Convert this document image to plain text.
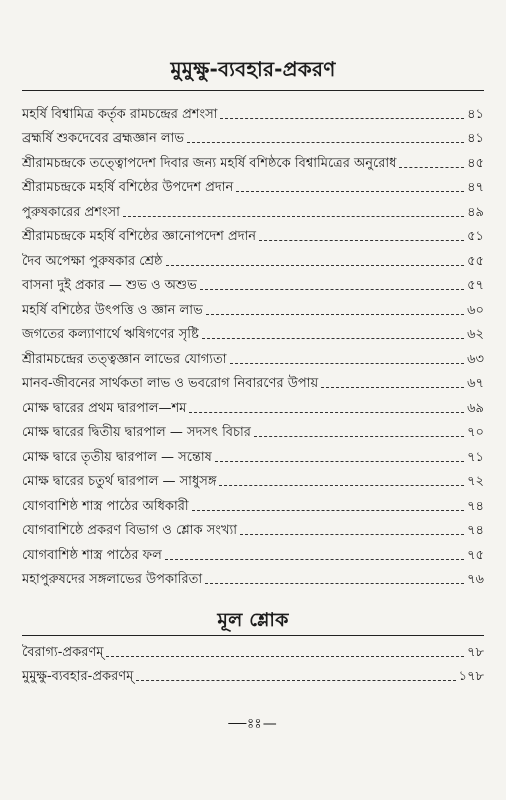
মুমুক্ষু-ব্যবহার-প্রকরণ
মহর্ষি বিশ্বামিত্র কর্তৃক রামচন্দ্রের প্রশংসা	৪১
ব্রহ্মর্ষি শুকদেবের ব্রহ্মজ্ঞান লাভ	৪১
শ্রীরামচন্দ্রকে তত্ত্বোপদেশ দিবার জন্য মহর্ষি বশিষ্ঠকে বিশ্বামিত্রের অনুরোধ	৪৫
শ্রীরামচন্দ্রকে মহর্ষি বশিষ্ঠের উপদেশ প্রদান	৪৭
পুরুষকারের প্রশংসা	৪৯
শ্রীরামচন্দ্রকে মহর্ষি বশিষ্ঠের জ্ঞানোপদেশ প্রদান	৫১
দৈব অপেক্ষা পুরুষকার শ্রেষ্ঠ	৫৫
বাসনা দুই প্রকার — শুভ ও অশুভ	৫৭
মহর্ষি বশিষ্ঠের উৎপত্তি ও জ্ঞান লাভ	৬০
জগতের কল্যাণার্থে ঋষিগণের সৃষ্টি	৬২
শ্রীরামচন্দ্রের তত্ত্বজ্ঞান লাভের যোগ্যতা	৬৩
মানব-জীবনের সার্থকতা লাভ ও ভবরোগ নিবারণের উপায়	৬৭
মোক্ষ দ্বারের প্রথম দ্বারপাল—শম	৬৯
মোক্ষ দ্বারের দ্বিতীয় দ্বারপাল — সদসৎ বিচার	৭০
মোক্ষ দ্বারে তৃতীয় দ্বারপাল — সন্তোষ	৭১
মোক্ষ দ্বারের চতুর্থ দ্বারপাল — সাধুসঙ্গ	৭২
যোগবাশিষ্ঠ শাস্ত্র পাঠের অধিকারী	৭৪
যোগবাশিষ্ঠে প্রকরণ বিভাগ ও শ্লোক সংখ্যা	৭৪
যোগবাশিষ্ঠ শাস্ত্র পাঠের ফল	৭৫
মহাপুরুষদের সঙ্গলাভের উপকারিতা	৭৬
মূল শ্লোক
বৈরাগ্য-প্রকরণম্	৭৮
মুমুক্ষু-ব্যবহার-প্রকরণম্	১৭৮
—ঃঃ—
